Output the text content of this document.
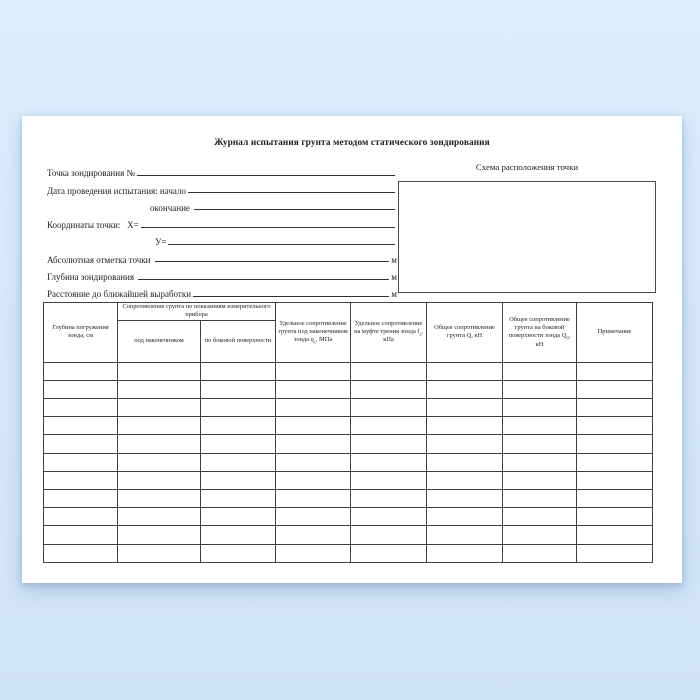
Журнал испытания грунта методом статического зондирования
Точка зондирования №
Дата проведения испытания: начало
окончание
Координаты точки:   Х=
У=
Абсолютная отметка точки	м
Глубина зондирования	м
Расстояние до ближайшей выработки	м
Схема расположения точки
Глубина погружения зонда, см	Сопротивление грунта по показаниям измерительного прибора		Удельное сопротивление грунта под наконечником зонда $q_с$, МПа	Удельное сопротивление на муфте трения зонда $f_s$, кПа	Общее сопротивление грунта Q, кН	Общее сопротивление грунта на боковой поверхности зонда $Q_б$, кН	Примечание
	под наконечником	по боковой поверхности					
